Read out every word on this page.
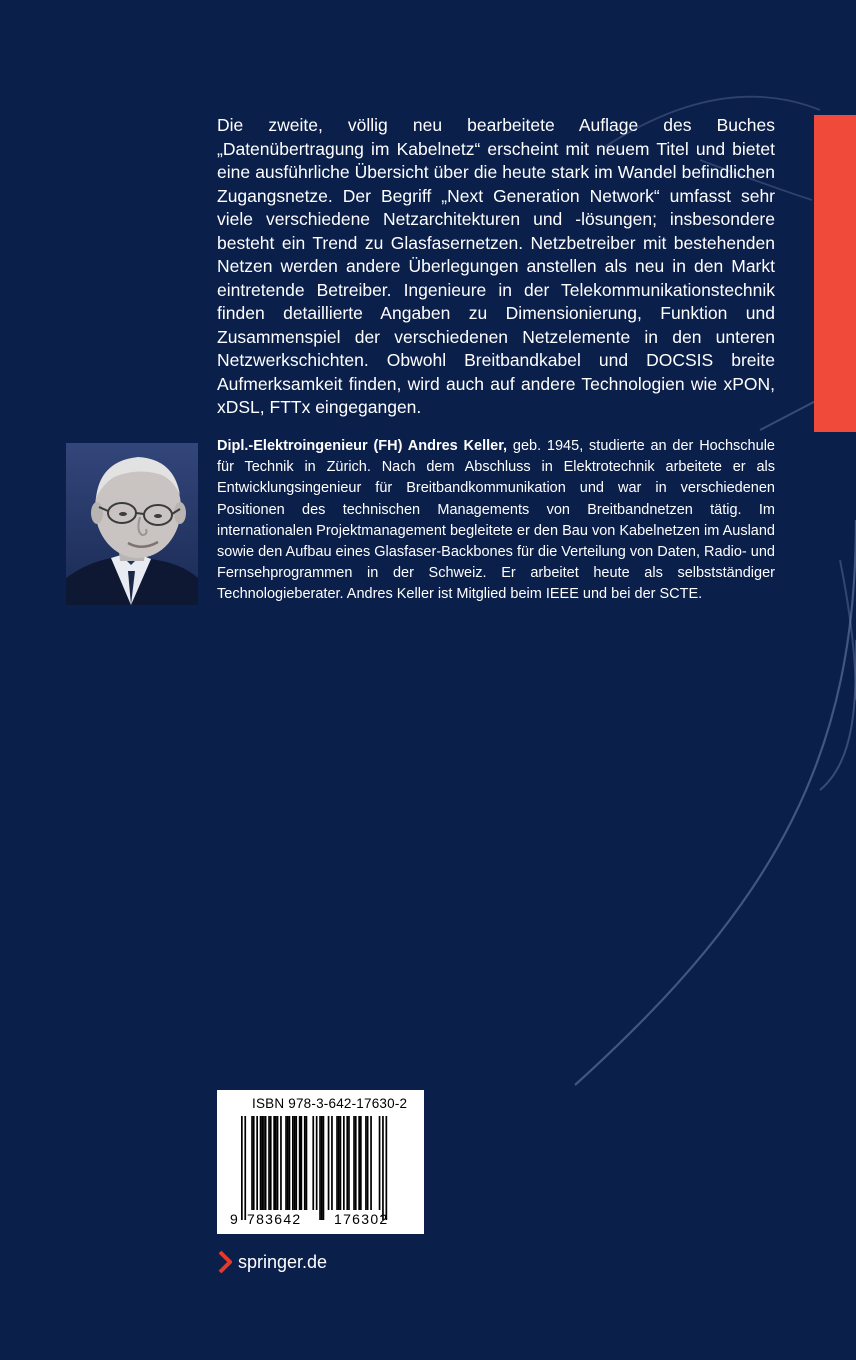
Die zweite, völlig neu bearbeitete Auflage des Buches „Datenübertragung im Kabelnetz“ erscheint mit neuem Titel und bietet eine ausführliche Übersicht über die heute stark im Wandel befindlichen Zugangsnetze. Der Begriff „Next Generation Network“ umfasst sehr viele verschiedene Netzarchitekturen und -lösungen; insbesondere besteht ein Trend zu Glasfasernetzen. Netzbetreiber mit bestehenden Netzen werden andere Überlegungen anstellen als neu in den Markt eintretende Betreiber. Ingenieure in der Telekommunikationstechnik finden detaillierte Angaben zu Dimensionierung, Funktion und Zusammenspiel der verschiedenen Netzelemente in den unteren Netzwerkschichten. Obwohl Breitbandkabel und DOCSIS breite Aufmerksamkeit finden, wird auch auf andere Technologien wie xPON, xDSL, FTTx eingegangen.

Dipl.-Elektroingenieur (FH) Andres Keller, geb. 1945, studierte an der Hochschule für Technik in Zürich. Nach dem Abschluss in Elektrotechnik arbeitete er als Entwicklungsingenieur für Breitbandkommunikation und war in verschiedenen Positionen des technischen Managements von Breitbandnetzen tätig. Im internationalen Projektmanagement begleitete er den Bau von Kabelnetzen im Ausland sowie den Aufbau eines Glasfaser-Backbones für die Verteilung von Daten, Radio- und Fernsehprogrammen in der Schweiz. Er arbeitet heute als selbstständiger Technologieberater. Andres Keller ist Mitglied beim IEEE und bei der SCTE.

ISBN 978-3-642-17630-2
9 783642 176302
springer.de
